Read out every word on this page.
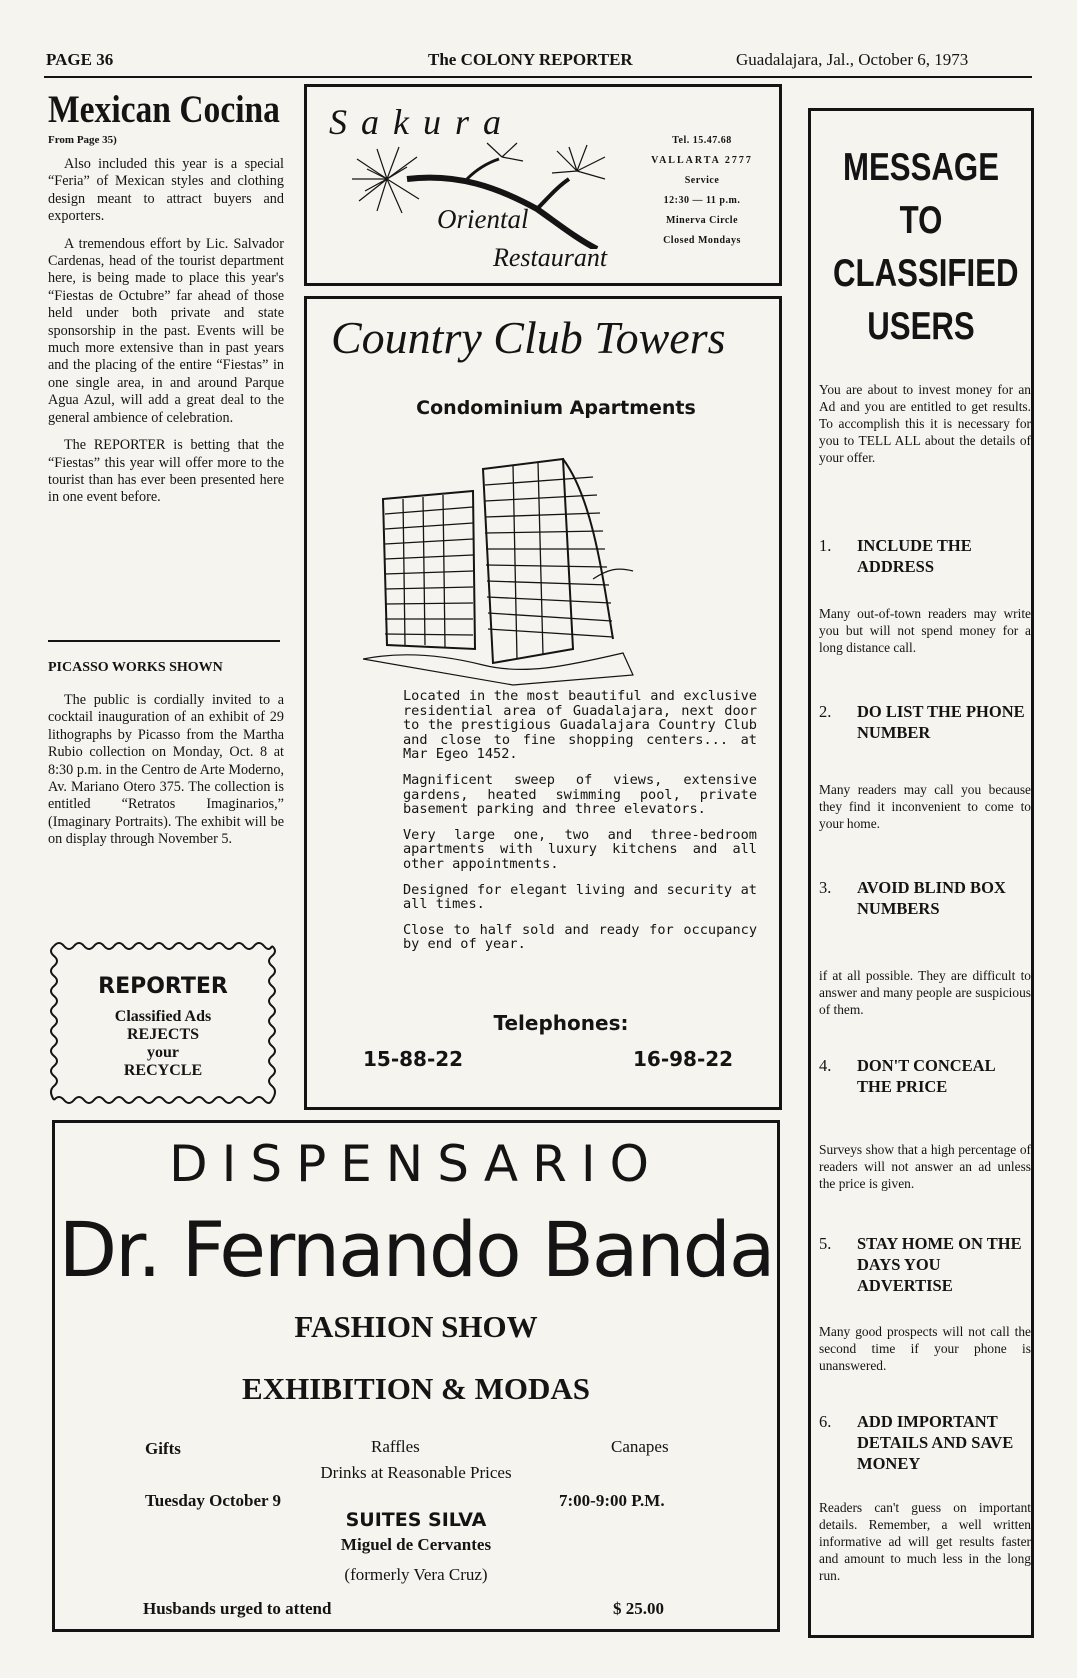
PAGE 36	The COLONY REPORTER	Guadalajara, Jal., October 6, 1973
Mexican Cocina
From Page 35)

Also included this year is a special “Feria” of Mexican styles and clothing design meant to attract buyers and exporters.

A tremendous effort by Lic. Salvador Cardenas, head of the tourist department here, is being made to place this year's “Fiestas de Octubre” far ahead of those held under both private and state sponsorship in the past. Events will be much more extensive than in past years and the placing of the entire “Fiestas” in one single area, in and around Parque Agua Azul, will add a great deal to the general ambience of celebration.

The REPORTER is betting that the “Fiestas” this year will offer more to the tourist than has ever been presented here in one event before.

PICASSO WORKS SHOWN

The public is cordially invited to a cocktail inauguration of an exhibit of 29 lithographs by Picasso from the Martha Rubio collection on Monday, Oct. 8 at 8:30 p.m. in the Centro de Arte Moderno, Av. Mariano Otero 375. The collection is entitled “Retratos Imaginarios,” (Imaginary Portraits). The exhibit will be on display through November 5.

REPORTER
Classified Ads
REJECTS
your
RECYCLE
Sakura
Oriental
Restaurant
Tel. 15.47.68
VALLARTA 2777
Service
12:30 — 11 p.m.
Minerva Circle
Closed Mondays
Country Club Towers
Condominium Apartments

Located in the most beautiful and exclusive residential area of Guadalajara, next door to the prestigious Guadalajara Country Club and close to fine shopping centers... at Mar Egeo 1452.

Magnificent sweep of views, extensive gardens, heated swimming pool, private basement parking and three elevators.

Very large one, two and three-bedroom apartments with luxury kitchens and all other appointments.

Designed for elegant living and security at all times.

Close to half sold and ready for occupancy by end of year.

Telephones:
15-88-22	16-98-22
DISPENSARIO
Dr. Fernando Banda
FASHION SHOW
EXHIBITION & MODAS
Gifts	Raffles	Canapes
Drinks at Reasonable Prices
Tuesday October 9	7:00-9:00 P.M.
SUITES SILVA
Miguel de Cervantes
(formerly Vera Cruz)
Husbands urged to attend	$ 25.00
MESSAGE
TO
CLASSIFIED
USERS

You are about to invest money for an Ad and you are entitled to get results. To accomplish this it is necessary for you to TELL ALL about the details of your offer.

1. INCLUDE THE ADDRESS

Many out-of-town readers may write you but will not spend money for a long distance call.

2. DO LIST THE PHONE NUMBER

Many readers may call you because they find it inconvenient to come to your home.

3. AVOID BLIND BOX NUMBERS

if at all possible. They are difficult to answer and many people are suspicious of them.

4. DON'T CONCEAL THE PRICE

Surveys show that a high percentage of readers will not answer an ad unless the price is given.

5. STAY HOME ON THE DAYS YOU ADVERTISE

Many good prospects will not call the second time if your phone is unanswered.

6. ADD IMPORTANT DETAILS AND SAVE MONEY

Readers can't guess on important details. Remember, a well written informative ad will get results faster and amount to much less in the long run.
